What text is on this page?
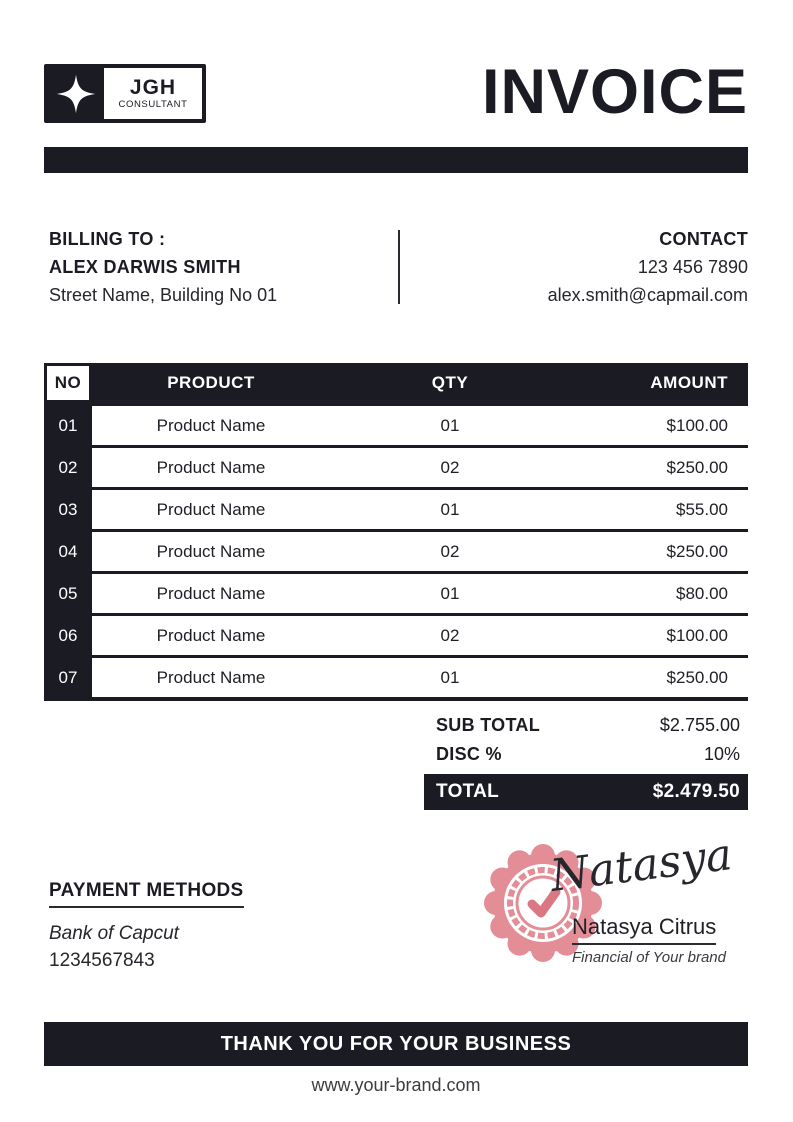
JGH
CONSULTANT	INVOICE
BILLING TO :
ALEX DARWIS SMITH
Street Name, Building No 01
CONTACT
123 456 7890
alex.smith@capmail.com
NO	PRODUCT	QTY	AMOUNT
01	Product Name	01	$100.00
02	Product Name	02	$250.00
03	Product Name	01	$55.00
04	Product Name	02	$250.00
05	Product Name	01	$80.00
06	Product Name	02	$100.00
07	Product Name	01	$250.00
SUB TOTAL	$2.755.00
DISC %	10%
TOTAL	$2.479.50
PAYMENT METHODS
Bank of Capcut
1234567843
Natasya
Natasya Citrus
Financial of Your brand
THANK YOU FOR YOUR BUSINESS
www.your-brand.com
